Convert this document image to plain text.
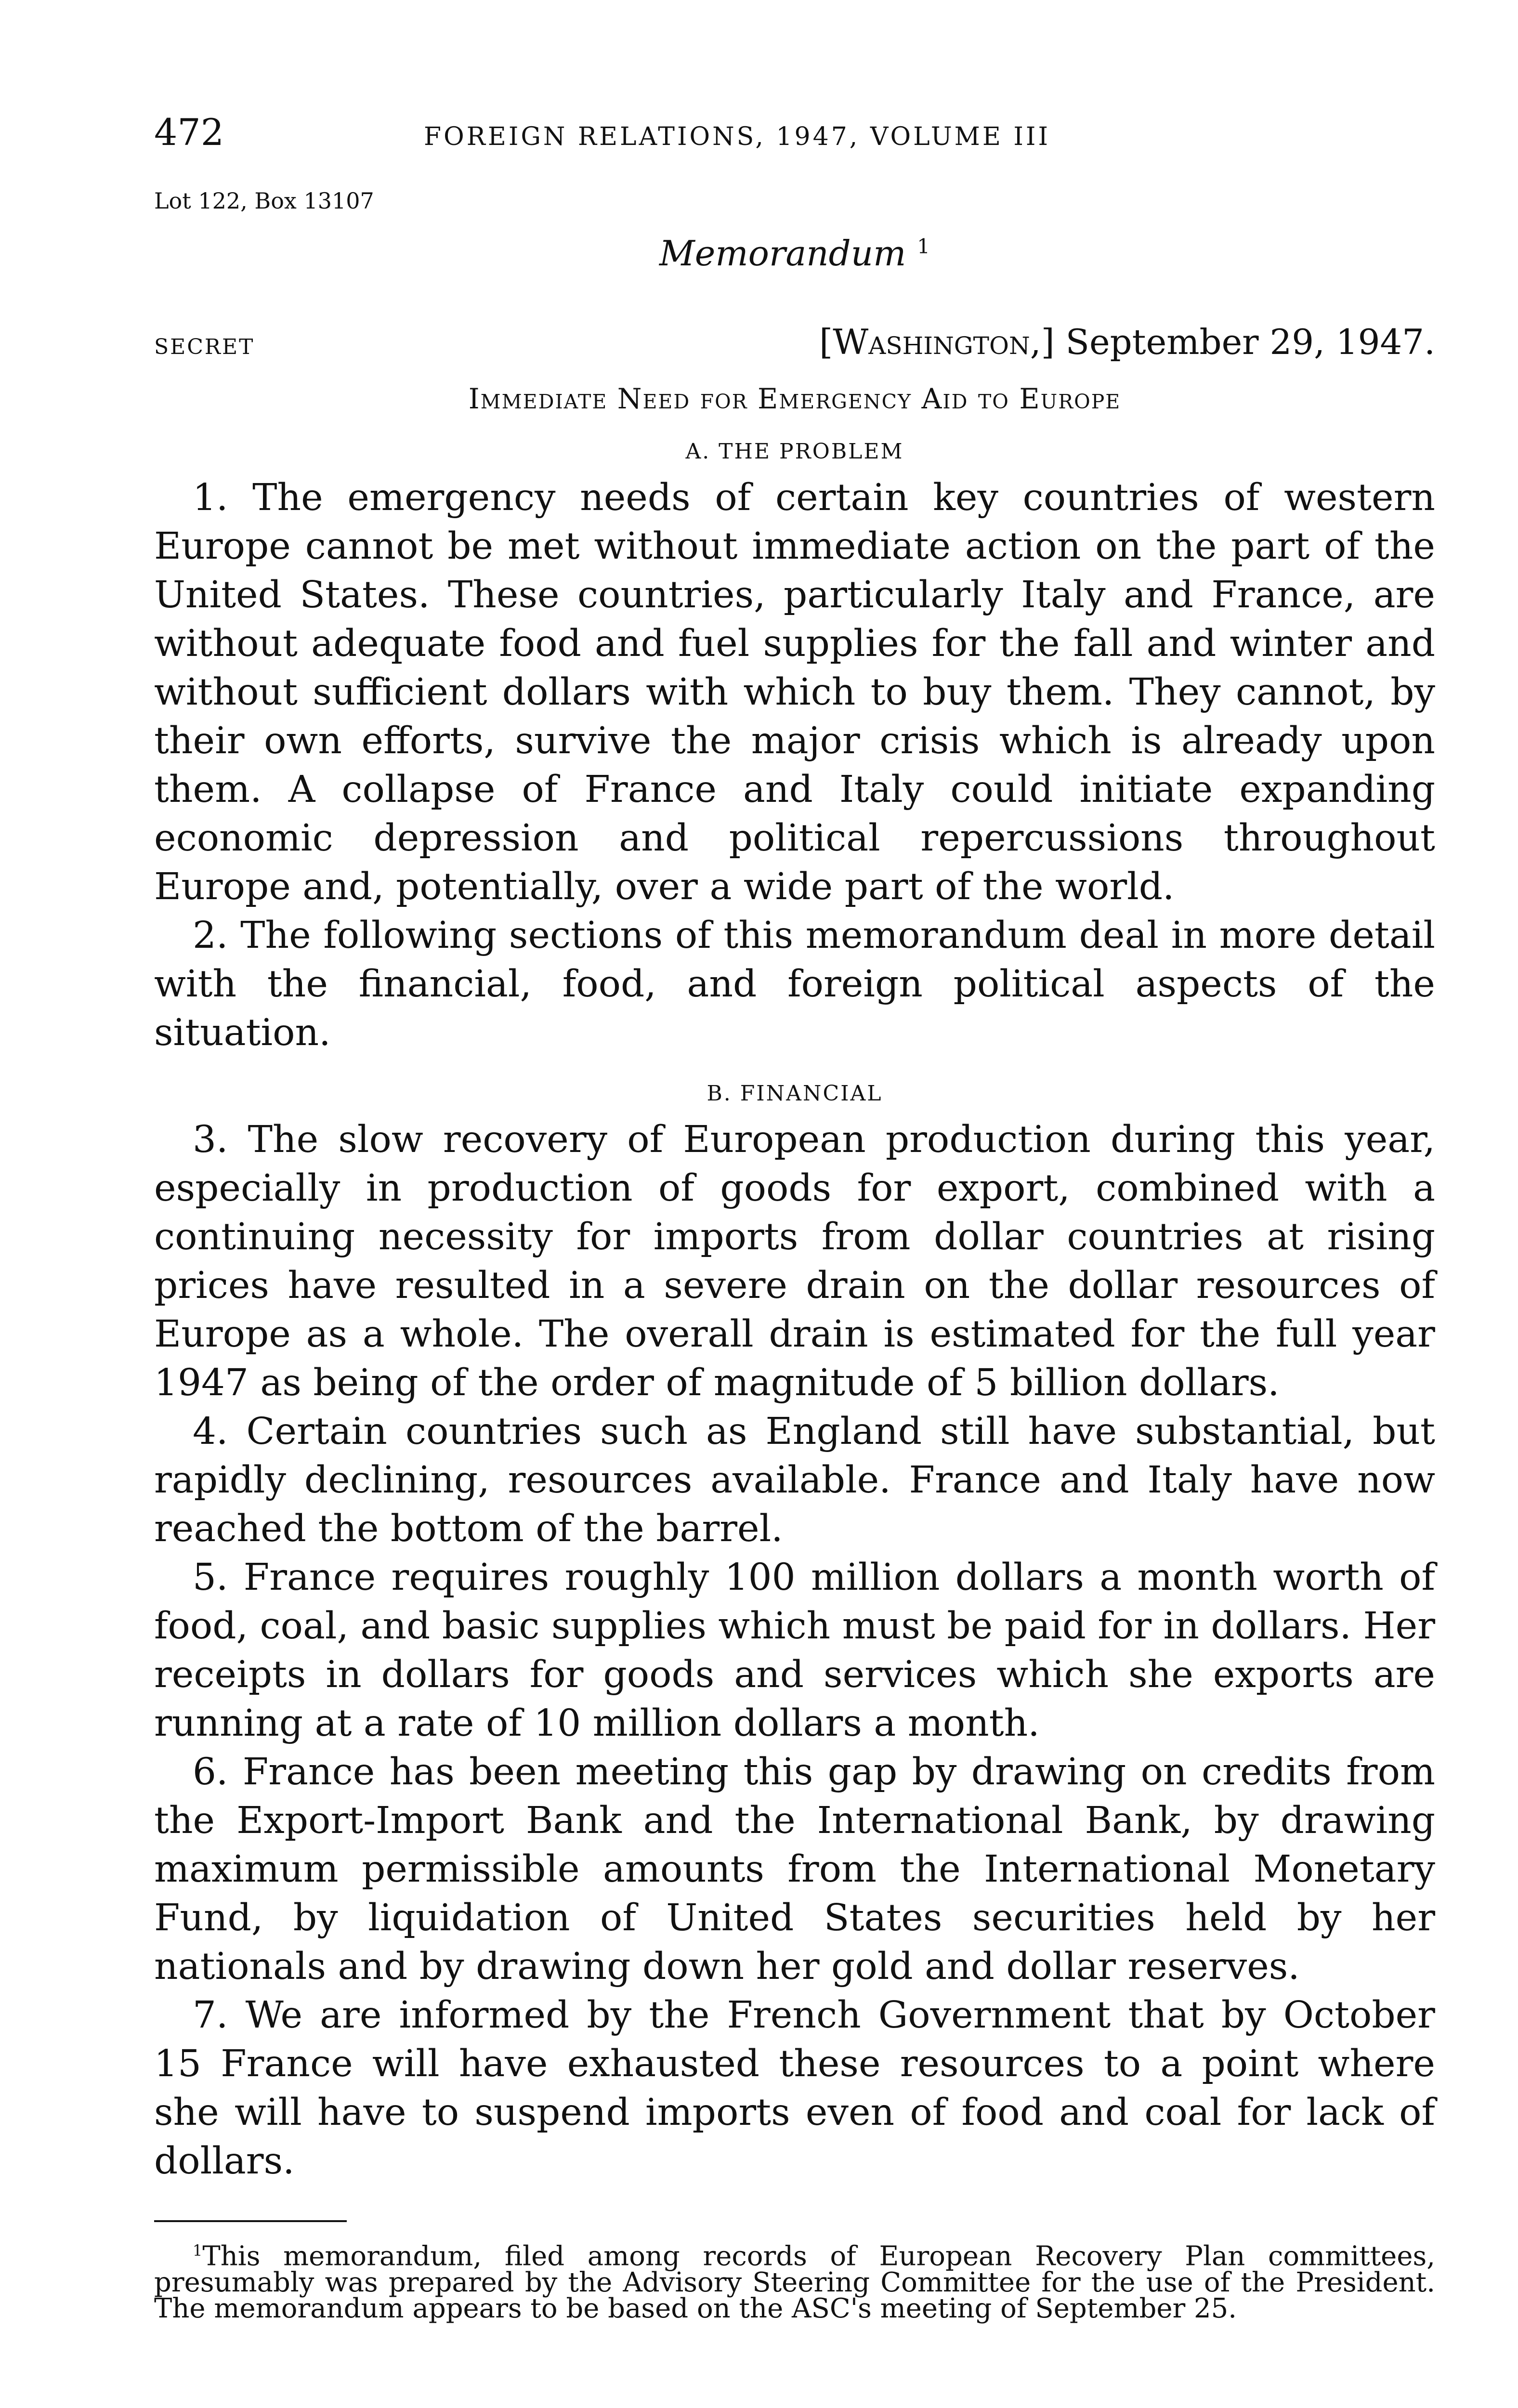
472	FOREIGN RELATIONS, 1947, VOLUME III
Lot 122, Box 13107
Memorandum $^1$
SECRET	[Washington,] September 29, 1947.
Immediate Need for Emergency Aid to Europe
A. THE PROBLEM

1. The emergency needs of certain key countries of western Europe cannot be met without immediate action on the part of the United States. These countries, particularly Italy and France, are without adequate food and fuel supplies for the fall and winter and without sufficient dollars with which to buy them. They cannot, by their own efforts, survive the major crisis which is already upon them. A collapse of France and Italy could initiate expanding economic depression and political repercussions throughout Europe and, potentially, over a wide part of the world.

2. The following sections of this memorandum deal in more detail with the financial, food, and foreign political aspects of the situation.

B. FINANCIAL

3. The slow recovery of European production during this year, especially in production of goods for export, combined with a continuing necessity for imports from dollar countries at rising prices have resulted in a severe drain on the dollar resources of Europe as a whole. The overall drain is estimated for the full year 1947 as being of the order of magnitude of 5 billion dollars.

4. Certain countries such as England still have substantial, but rapidly declining, resources available. France and Italy have now reached the bottom of the barrel.

5. France requires roughly 100 million dollars a month worth of food, coal, and basic supplies which must be paid for in dollars. Her receipts in dollars for goods and services which she exports are running at a rate of 10 million dollars a month.

6. France has been meeting this gap by drawing on credits from the Export-Import Bank and the International Bank, by drawing maximum permissible amounts from the International Monetary Fund, by liquidation of United States securities held by her nationals and by drawing down her gold and dollar reserves.

7. We are informed by the French Government that by October 15 France will have exhausted these resources to a point where she will have to suspend imports even of food and coal for lack of dollars.

$^1$This memorandum, filed among records of European Recovery Plan committees, presumably was prepared by the Advisory Steering Committee for the use of the President. The memorandum appears to be based on the ASC's meeting of September 25.
